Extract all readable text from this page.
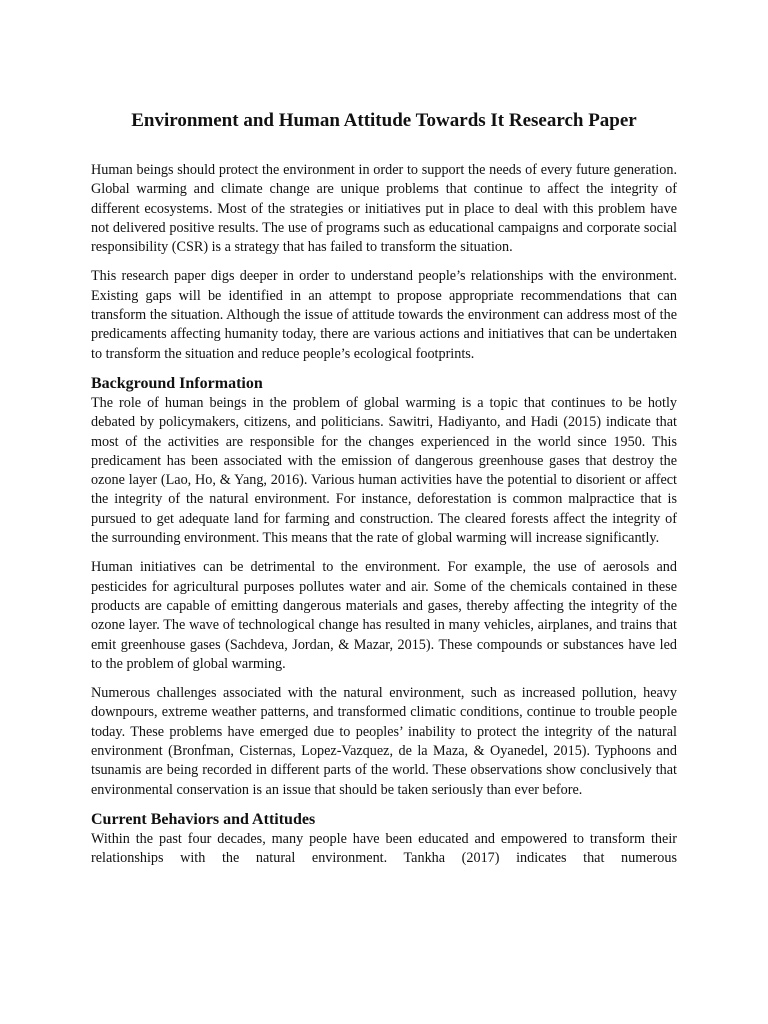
Environment and Human Attitude Towards It Research Paper

Human beings should protect the environment in order to support the needs of every future generation. Global warming and climate change are unique problems that continue to affect the integrity of different ecosystems. Most of the strategies or initiatives put in place to deal with this problem have not delivered positive results. The use of programs such as educational campaigns and corporate social responsibility (CSR) is a strategy that has failed to transform the situation.

This research paper digs deeper in order to understand people’s relationships with the environment. Existing gaps will be identified in an attempt to propose appropriate recommendations that can transform the situation. Although the issue of attitude towards the environment can address most of the predicaments affecting humanity today, there are various actions and initiatives that can be undertaken to transform the situation and reduce people’s ecological footprints.

Background Information

The role of human beings in the problem of global warming is a topic that continues to be hotly debated by policymakers, citizens, and politicians. Sawitri, Hadiyanto, and Hadi (2015) indicate that most of the activities are responsible for the changes experienced in the world since 1950. This predicament has been associated with the emission of dangerous greenhouse gases that destroy the ozone layer (Lao, Ho, & Yang, 2016). Various human activities have the potential to disorient or affect the integrity of the natural environment. For instance, deforestation is common malpractice that is pursued to get adequate land for farming and construction. The cleared forests affect the integrity of the surrounding environment. This means that the rate of global warming will increase significantly.

Human initiatives can be detrimental to the environment. For example, the use of aerosols and pesticides for agricultural purposes pollutes water and air. Some of the chemicals contained in these products are capable of emitting dangerous materials and gases, thereby affecting the integrity of the ozone layer. The wave of technological change has resulted in many vehicles, airplanes, and trains that emit greenhouse gases (Sachdeva, Jordan, & Mazar, 2015). These compounds or substances have led to the problem of global warming.

Numerous challenges associated with the natural environment, such as increased pollution, heavy downpours, extreme weather patterns, and transformed climatic conditions, continue to trouble people today. These problems have emerged due to peoples’ inability to protect the integrity of the natural environment (Bronfman, Cisternas, Lopez-Vazquez, de la Maza, & Oyanedel, 2015). Typhoons and tsunamis are being recorded in different parts of the world. These observations show conclusively that environmental conservation is an issue that should be taken seriously than ever before.

Current Behaviors and Attitudes

Within the past four decades, many people have been educated and empowered to transform their relationships with the natural environment. Tankha (2017) indicates that numerous
